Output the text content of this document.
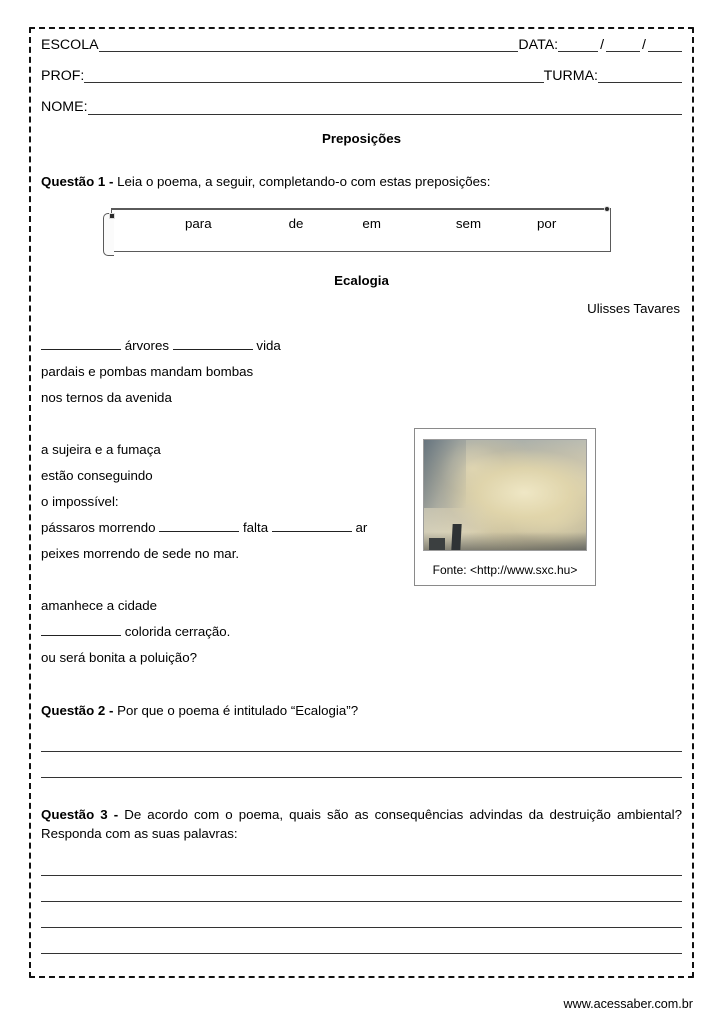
ESCOLA	DATA:	/	/
PROF:	TURMA:
NOME:
Preposições
Questão 1 - Leia o poema, a seguir, completando-o com estas preposições:
para	de	em	sem	por
Ecalogia
Ulisses Tavares
árvores	vida
pardais e pombas mandam bombas
nos ternos da avenida
a sujeira e a fumaça
estão conseguindo
o impossível:
pássaros morrendo	falta	ar
peixes morrendo de sede no mar.
amanhece a cidade
colorida cerração.
ou será bonita a poluição?
Questão 2 - Por que o poema é intitulado “Ecalogia”?
Questão 3 - De acordo com o poema, quais são as consequências advindas da destruição ambiental? Responda com as suas palavras:
Fonte: <http://www.sxc.hu>
www.acessaber.com.br
